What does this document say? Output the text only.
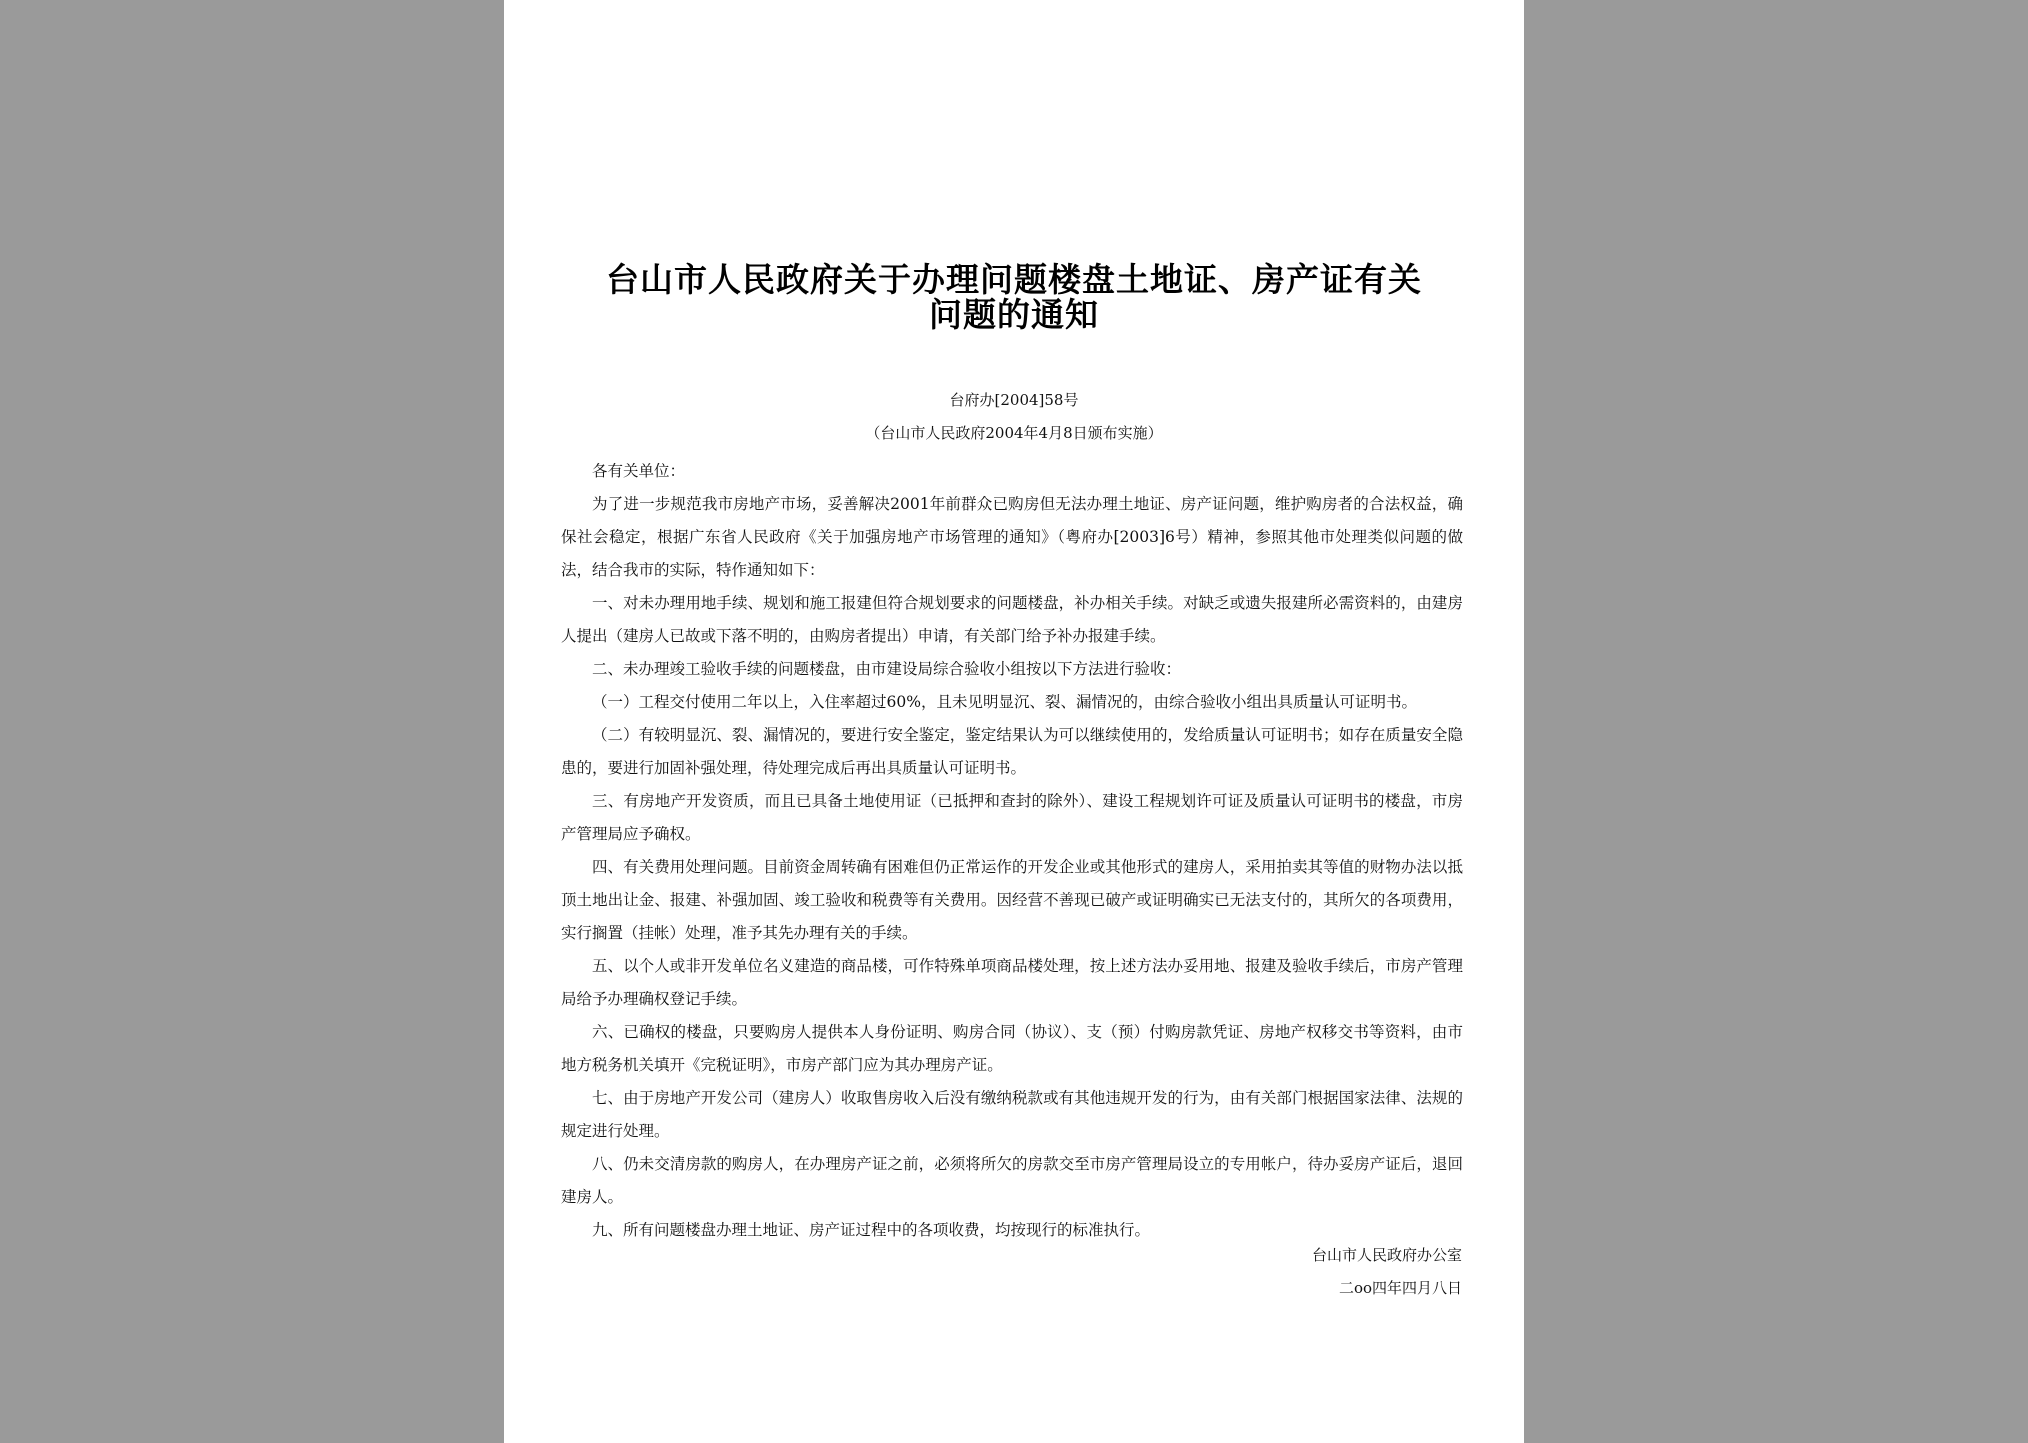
台山市人民政府关于办理问题楼盘土地证、房产证有关问题的通知
台府办[2004]58号
（台山市人民政府2004年4月8日颁布实施）

各有关单位：

为了进一步规范我市房地产市场，妥善解决2001年前群众已购房但无法办理土地证、房产证问题，维护购房者的合法权益，确保社会稳定，根据广东省人民政府《关于加强房地产市场管理的通知》（粤府办[2003]6号）精神，参照其他市处理类似问题的做法，结合我市的实际，特作通知如下：

一、对未办理用地手续、规划和施工报建但符合规划要求的问题楼盘，补办相关手续。对缺乏或遗失报建所必需资料的，由建房人提出（建房人已故或下落不明的，由购房者提出）申请，有关部门给予补办报建手续。

二、未办理竣工验收手续的问题楼盘，由市建设局综合验收小组按以下方法进行验收：

（一）工程交付使用二年以上，入住率超过60%，且未见明显沉、裂、漏情况的，由综合验收小组出具质量认可证明书。

（二）有较明显沉、裂、漏情况的，要进行安全鉴定，鉴定结果认为可以继续使用的，发给质量认可证明书；如存在质量安全隐患的，要进行加固补强处理，待处理完成后再出具质量认可证明书。

三、有房地产开发资质，而且已具备土地使用证（已抵押和查封的除外）、建设工程规划许可证及质量认可证明书的楼盘，市房产管理局应予确权。

四、有关费用处理问题。目前资金周转确有困难但仍正常运作的开发企业或其他形式的建房人，采用拍卖其等值的财物办法以抵顶土地出让金、报建、补强加固、竣工验收和税费等有关费用。因经营不善现已破产或证明确实已无法支付的，其所欠的各项费用，实行搁置（挂帐）处理，准予其先办理有关的手续。

五、以个人或非开发单位名义建造的商品楼，可作特殊单项商品楼处理，按上述方法办妥用地、报建及验收手续后，市房产管理局给予办理确权登记手续。

六、已确权的楼盘，只要购房人提供本人身份证明、购房合同（协议）、支（预）付购房款凭证、房地产权移交书等资料，由市地方税务机关填开《完税证明》，市房产部门应为其办理房产证。

七、由于房地产开发公司（建房人）收取售房收入后没有缴纳税款或有其他违规开发的行为，由有关部门根据国家法律、法规的规定进行处理。

八、仍未交清房款的购房人，在办理房产证之前，必须将所欠的房款交至市房产管理局设立的专用帐户，待办妥房产证后，退回建房人。

九、所有问题楼盘办理土地证、房产证过程中的各项收费，均按现行的标准执行。

台山市人民政府办公室
二oo四年四月八日
